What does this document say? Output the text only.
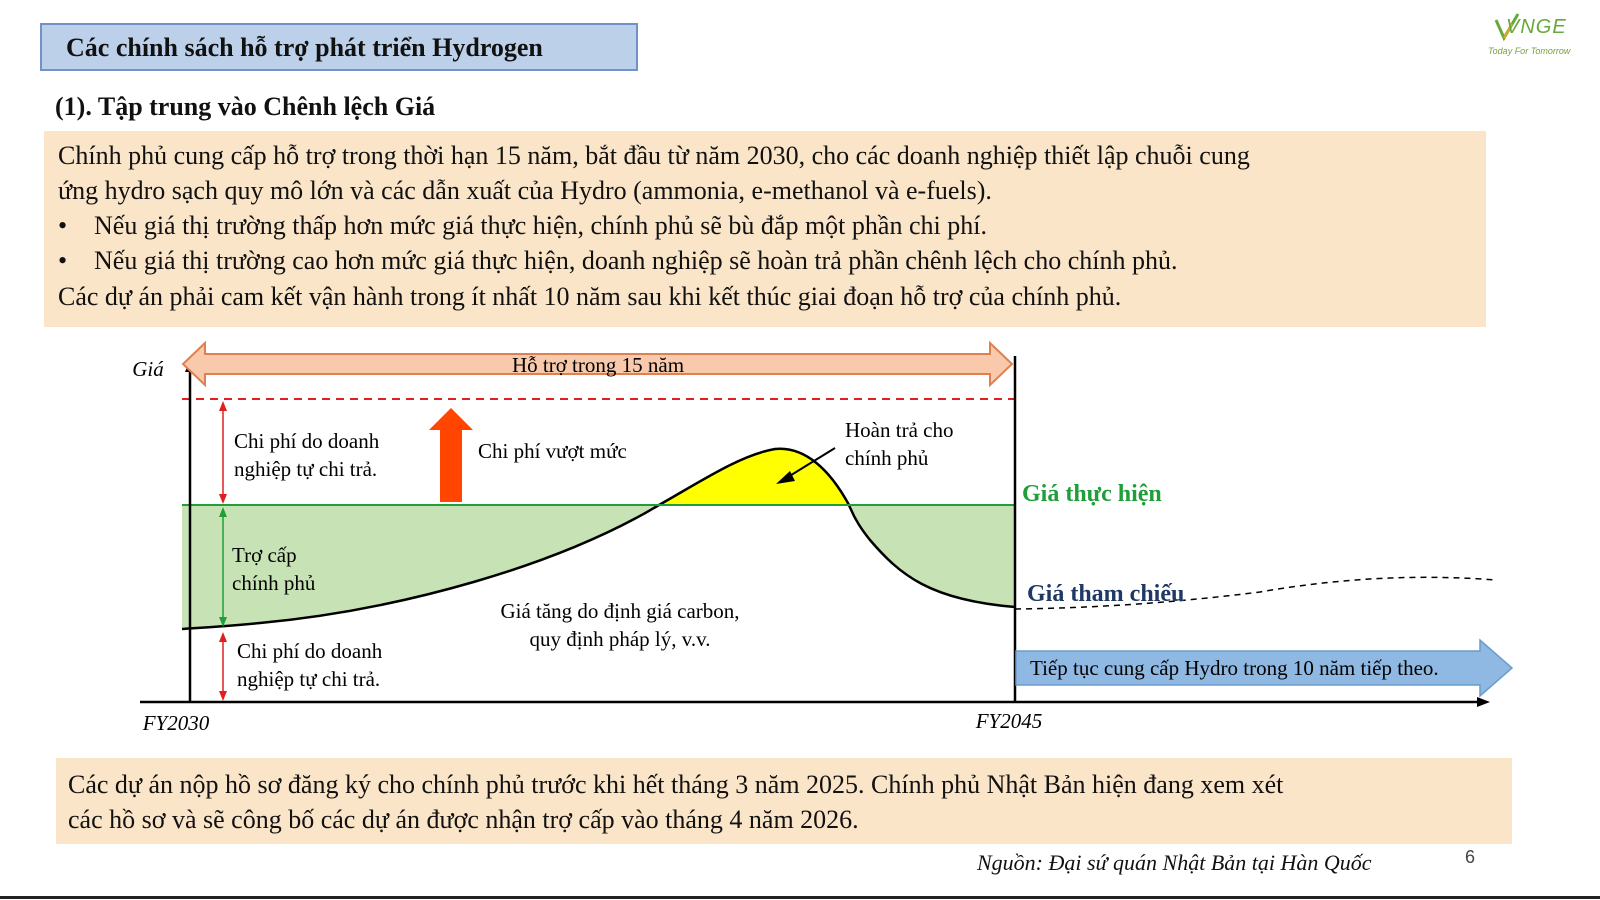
Các chính sách hỗ trợ phát triển Hydrogen
VNGE
Today For Tomorrow
(1). Tập trung vào Chênh lệch Giá
Chính phủ cung cấp hỗ trợ trong thời hạn 15 năm, bắt đầu từ năm 2030, cho các doanh nghiệp thiết lập chuỗi cung
ứng hydro sạch quy mô lớn và các dẫn xuất của Hydro (ammonia, e-methanol và e-fuels).
• Nếu giá thị trường thấp hơn mức giá thực hiện, chính phủ sẽ bù đắp một phần chi phí.
• Nếu giá thị trường cao hơn mức giá thực hiện, doanh nghiệp sẽ hoàn trả phần chênh lệch cho chính phủ.
Các dự án phải cam kết vận hành trong ít nhất 10 năm sau khi kết thúc giai đoạn hỗ trợ của chính phủ.
Hỗ trợ trong 15 năm
Giá
Chi phí do doanh
nghiệp tự chi trả.
Trợ cấp
chính phủ
Chi phí do doanh
nghiệp tự chi trả.
Chi phí vượt mức
Hoàn trả cho
chính phủ
Giá thực hiện
Giá tham chiếu
Giá tăng do định giá carbon,
quy định pháp lý, v.v.
Tiếp tục cung cấp Hydro trong 10 năm tiếp theo.
FY2030	FY2045
Các dự án nộp hồ sơ đăng ký cho chính phủ trước khi hết tháng 3 năm 2025. Chính phủ Nhật Bản hiện đang xem xét
các hồ sơ và sẽ công bố các dự án được nhận trợ cấp vào tháng 4 năm 2026.
Nguồn: Đại sứ quán Nhật Bản tại Hàn Quốc	6
